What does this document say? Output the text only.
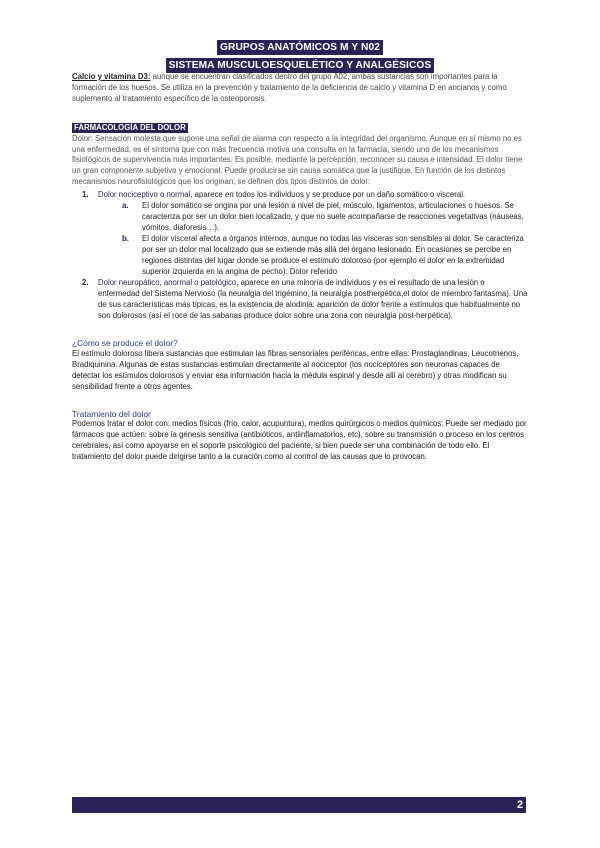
GRUPOS ANATÓMICOS M Y N02
SISTEMA MUSCULOESQUELÉTICO Y ANALGÉSICOS

Calcio y vitamina D3: aunque se encuentran clasificados dentro del grupo A02, ambas sustancias son importantes para la formación de los huesos. Se utiliza en la prevención y tratamiento de la deficiencia de calcio y vitamina D en ancianos y como suplemento al tratamiento específico de la osteoporosis.

FARMACOLOGÍA DEL DOLOR

Dolor: Sensación molesta que supone una señal de alarma con respecto a la integridad del organismo. Aunque en sí mismo no es una enfermedad, es el síntoma que con más frecuencia motiva una consulta en la farmacia, siendo uno de los mecanismos fisiológicos de supervivencia más importantes. Es posible, mediante la percepción, reconocer su causa e intensidad. El dolor tiene un gran componente subjetivo y emocional. Puede producirse sin causa somática que la justifique. En función de los distintos mecanismos neurofisiológicos que los originan, se definen dos tipos distintos de dolor:

1. Dolor nociceptivo o normal, aparece en todos los individuos y se produce por un daño somático o visceral.
a. El dolor somático se origina por una lesión a nivel de piel, músculo, ligamentos, articulaciones o huesos. Se caracteriza por ser un dolor bien localizado, y que no suele acompañarse de reacciones vegetativas (náuseas, vómitos, diaforesis…).
b. El dolor visceral afecta a órganos internos, aunque no todas las vísceras son sensibles al dolor. Se caracteriza por ser un dolor mal localizado que se extiende más allá del órgano lesionado. En ocasiones se percibe en regiones distintas del lugar donde se produce el estímulo doloroso (por ejemplo el dolor en la extremidad superior izquierda en la angina de pecho): Dolor referido
2. Dolor neuropático, anormal o patológico, aparece en una minoría de individuos y es el resultado de una lesión o enfermedad del Sistema Nervioso (la neuralgia del trigémino, la neuralgia postherpética,el dolor de miembro fantasma). Una de sus características más típicas, es la existencia de alodinia: aparición de dolor frente a estímulos que habitualmente no son dolorosos (así el roce de las sabanas produce dolor sobre una zona con neuralgia post-herpética).

¿Cómo se produce el dolor?

El estímulo doloroso libera sustancias que estimulan las fibras sensoriales periféricas, entre ellas: Prostaglandinas, Leucotrienos, Bradiquinina. Algunas de estas sustancias estimulan directamente al nociceptor (los nociceptores son neuronas capaces de detectar los estímulos dolorosos y enviar esa información hacia la médula espinal y desde allí al cerebro) y otras modifican su sensibilidad frente a otros agentes.

Tratamiento del dolor

Podemos tratar el dolor con: medios físicos (frío, calor, acupuntura), medios quirúrgicos o medios químicos: Puede ser mediado por fármacos que actúen: sobre la génesis sensitiva (antibióticos, antiinflamatorios, etc), sobre su transmisión o proceso en los centros cerebrales, así como apoyarse en el soporte psicológico del paciente, si bien puede ser una combinación de todo ello. El tratamiento del dolor puede dirigirse tanto a la curación como al control de las causas que lo provocan.

2
